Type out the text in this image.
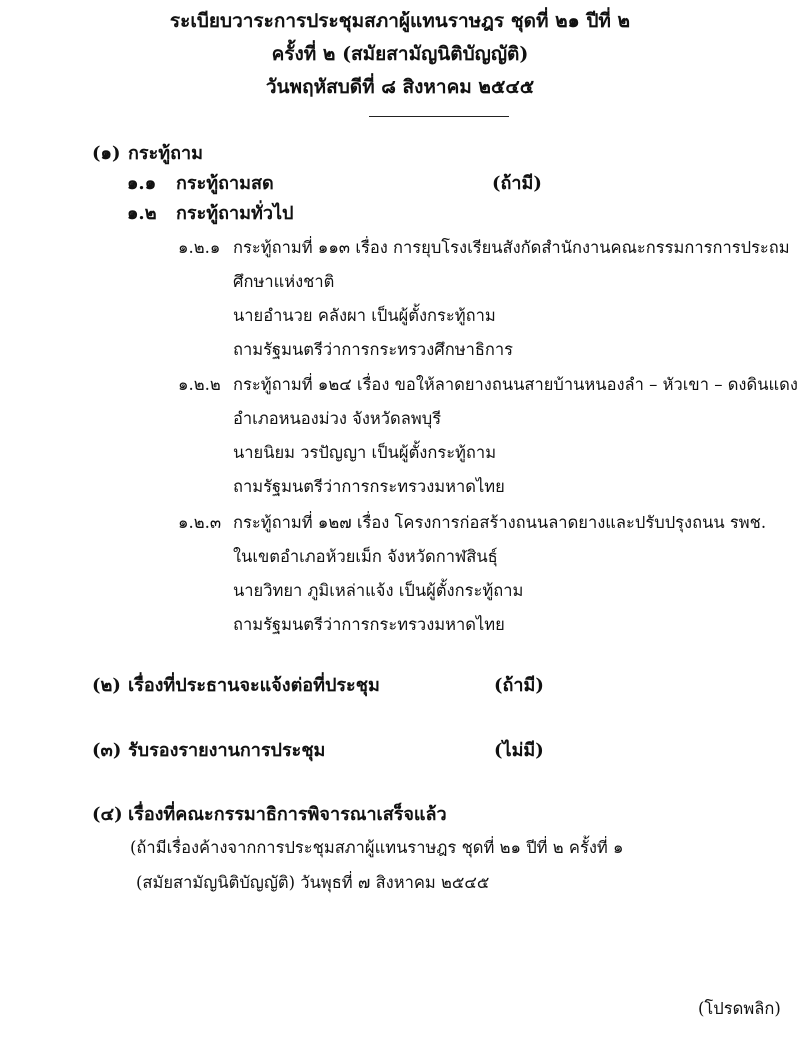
ระเบียบวาระการประชุมสภาผู้แทนราษฎร ชุดที่ ๒๑ ปีที่ ๒
ครั้งที่ ๒ (สมัยสามัญนิติบัญญัติ)
วันพฤหัสบดีที่ ๘ สิงหาคม ๒๕๔๕
(๑) กระทู้ถาม
๑.๑ กระทู้ถามสด	(ถ้ามี)
๑.๒ กระทู้ถามทั่วไป
๑.๒.๑ กระทู้ถามที่ ๑๑๓ เรื่อง การยุบโรงเรียนสังกัดสำนักงานคณะกรรมการการประถม
ศึกษาแห่งชาติ
นายอำนวย คลังผา เป็นผู้ตั้งกระทู้ถาม
ถามรัฐมนตรีว่าการกระทรวงศึกษาธิการ
๑.๒.๒ กระทู้ถามที่ ๑๒๔ เรื่อง ขอให้ลาดยางถนนสายบ้านหนองลำ – หัวเขา – ดงดินแดง
อำเภอหนองม่วง จังหวัดลพบุรี
นายนิยม วรปัญญา เป็นผู้ตั้งกระทู้ถาม
ถามรัฐมนตรีว่าการกระทรวงมหาดไทย
๑.๒.๓ กระทู้ถามที่ ๑๒๗ เรื่อง โครงการก่อสร้างถนนลาดยางและปรับปรุงถนน รพช.
ในเขตอำเภอห้วยเม็ก จังหวัดกาฬสินธุ์
นายวิทยา ภูมิเหล่าแจ้ง เป็นผู้ตั้งกระทู้ถาม
ถามรัฐมนตรีว่าการกระทรวงมหาดไทย
(๒) เรื่องที่ประธานจะแจ้งต่อที่ประชุม	(ถ้ามี)
(๓) รับรองรายงานการประชุม	(ไม่มี)
(๔) เรื่องที่คณะกรรมาธิการพิจารณาเสร็จแล้ว
(ถ้ามีเรื่องค้างจากการประชุมสภาผู้แทนราษฎร ชุดที่ ๒๑ ปีที่ ๒ ครั้งที่ ๑
(สมัยสามัญนิติบัญญัติ) วันพุธที่ ๗ สิงหาคม ๒๕๔๕
(โปรดพลิก)
